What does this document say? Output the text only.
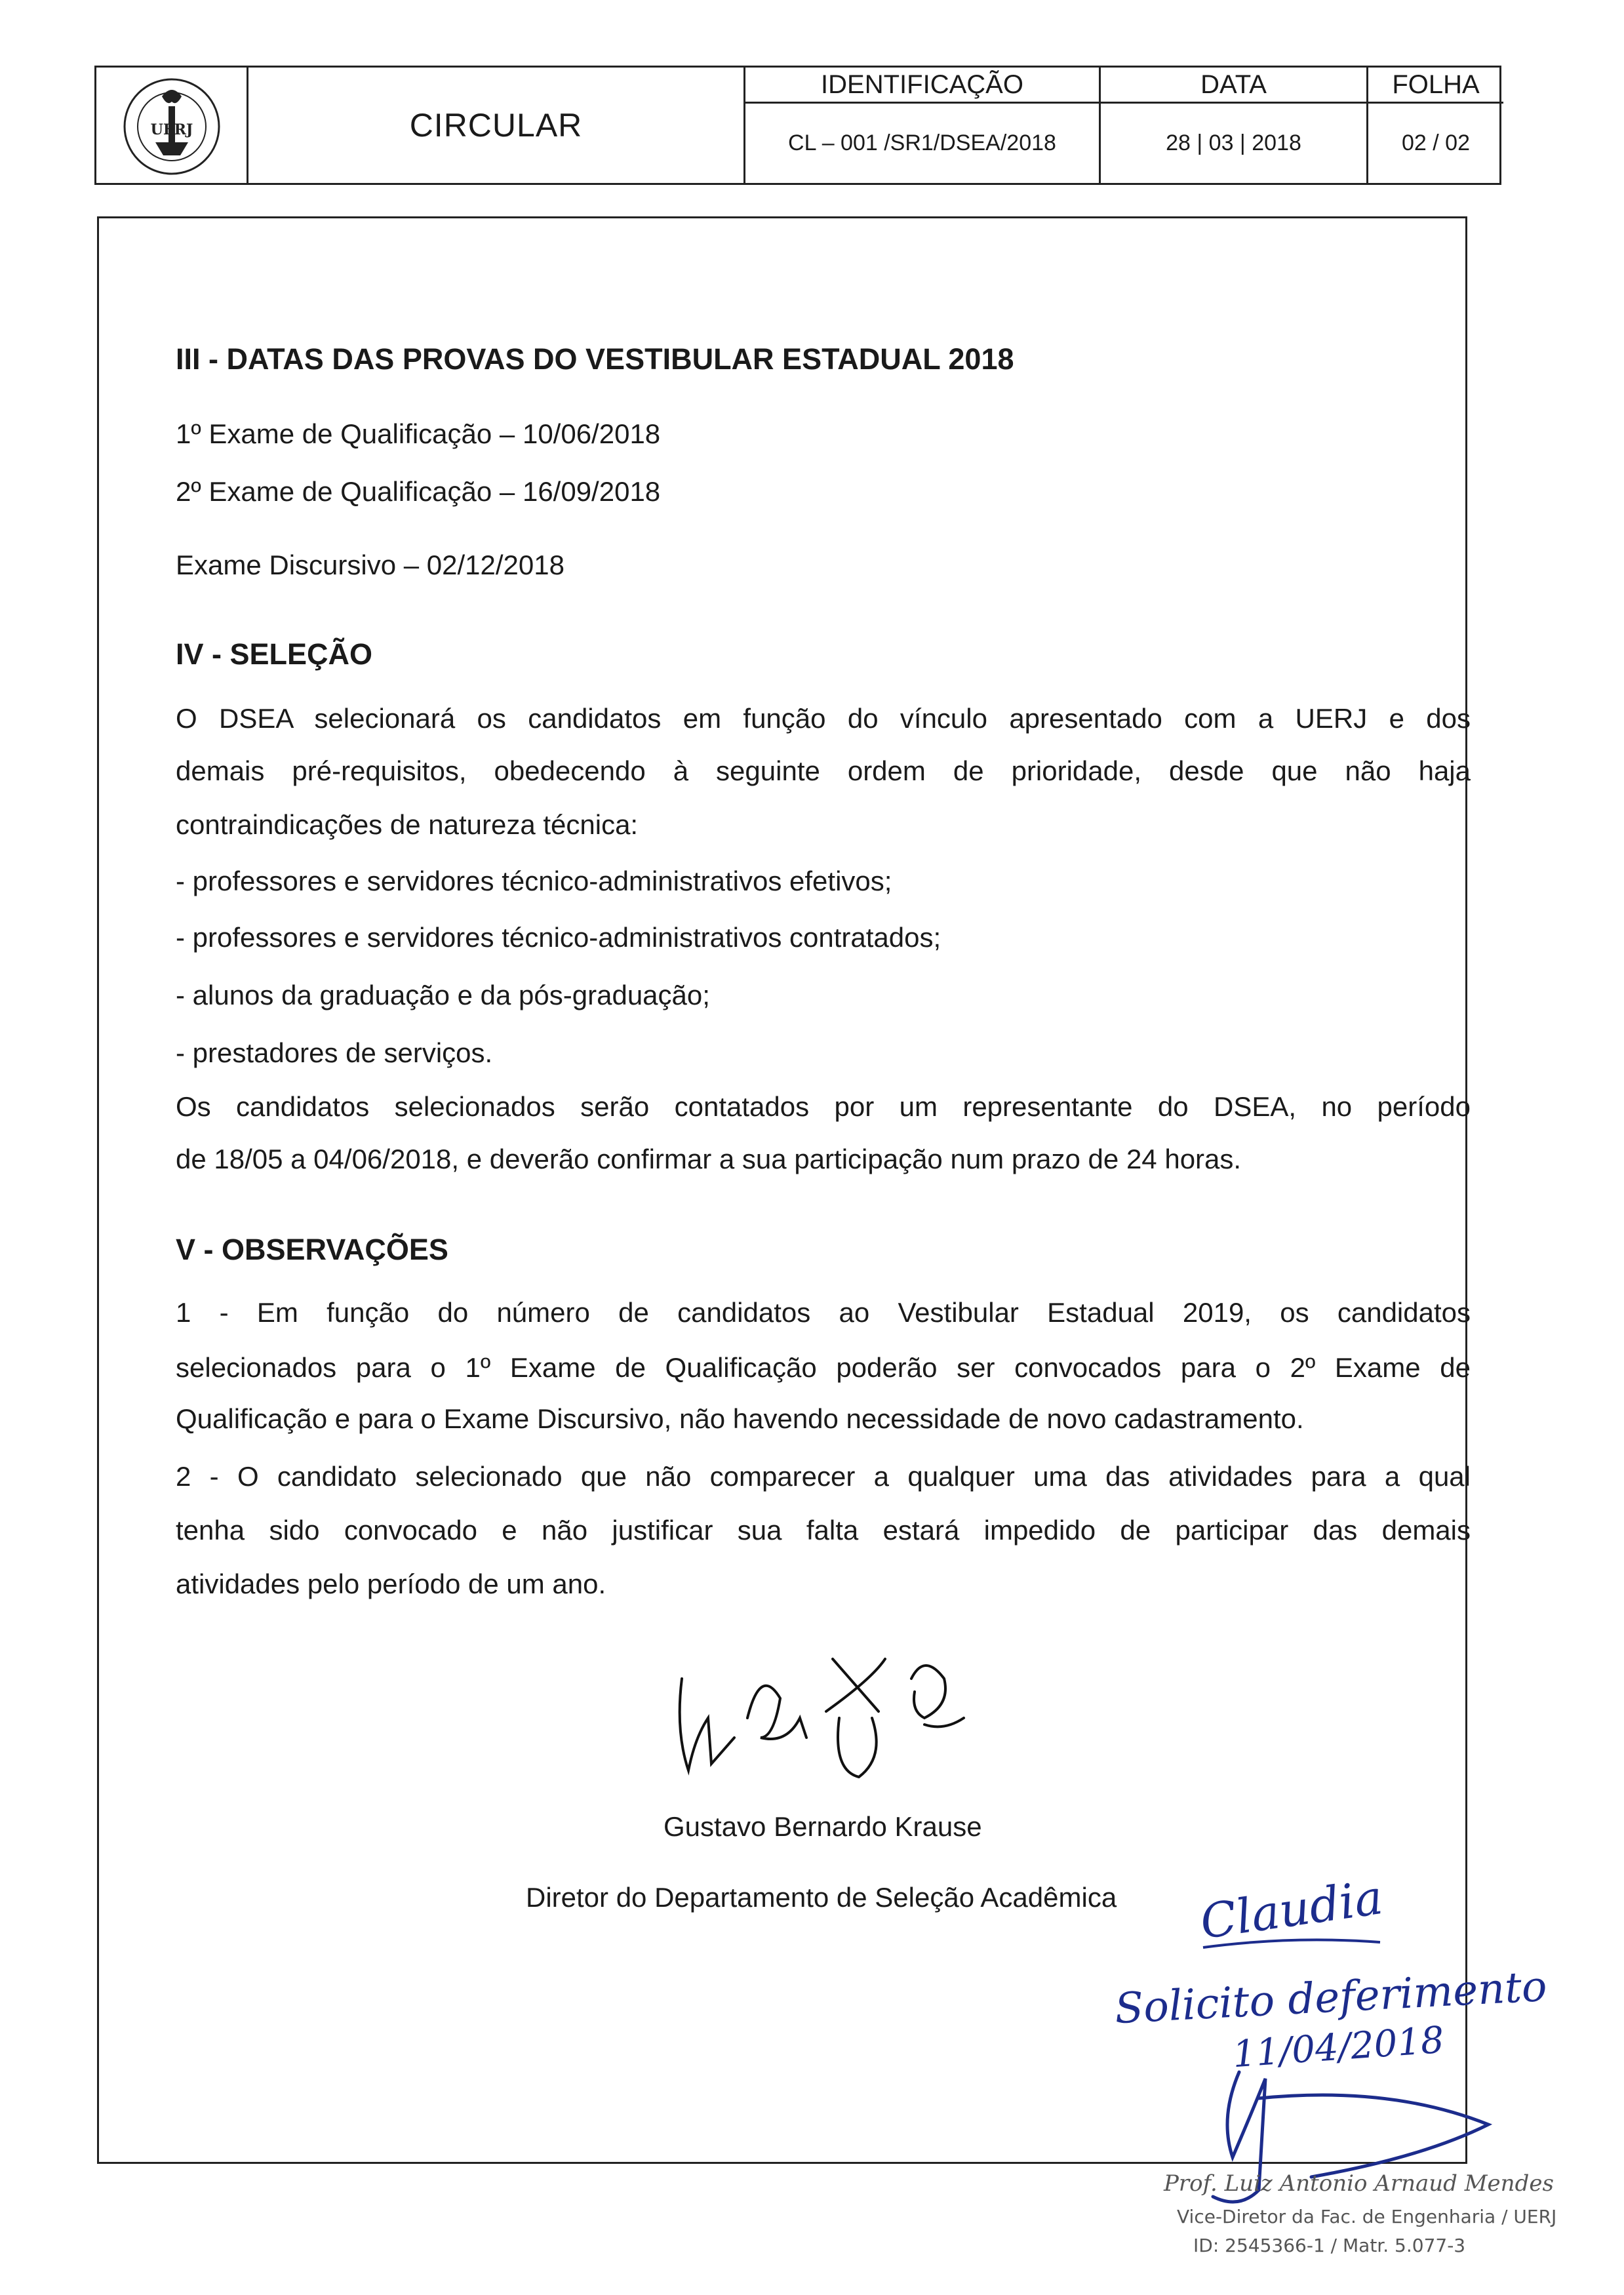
UERJ	CIRCULAR
IDENTIFICAÇÃO
CL – 001 /SR1/DSEA/2018
DATA
28 | 03 | 2018
FOLHA
02 / 02
III - DATAS DAS PROVAS DO VESTIBULAR ESTADUAL 2018
1º Exame de Qualificação – 10/06/2018
2º Exame de Qualificação – 16/09/2018
Exame Discursivo – 02/12/2018
IV - SELEÇÃO
O DSEA selecionará os candidatos em função do vínculo apresentado com a UERJ e dos
demais pré-requisitos, obedecendo à seguinte ordem de prioridade, desde que não haja
contraindicações de natureza técnica:
- professores e servidores técnico-administrativos efetivos;
- professores e servidores técnico-administrativos contratados;
- alunos da graduação e da pós-graduação;
- prestadores de serviços.
Os candidatos selecionados serão contatados por um representante do DSEA, no período
de 18/05 a 04/06/2018, e deverão confirmar a sua participação num prazo de 24 horas.
V - OBSERVAÇÕES
1 - Em função do número de candidatos ao Vestibular Estadual 2019, os candidatos
selecionados para o 1º Exame de Qualificação poderão ser convocados para o 2º Exame de
Qualificação e para o Exame Discursivo, não havendo necessidade de novo cadastramento.
2 - O candidato selecionado que não comparecer a qualquer uma das atividades para a qual
tenha sido convocado e não justificar sua falta estará impedido de participar das demais
atividades pelo período de um ano.
Gustavo Bernardo Krause
Diretor do Departamento de Seleção Acadêmica Claudia
Solicito deferimento
11/04/2018
Prof. Luiz Antonio Arnaud Mendes
Vice-Diretor da Fac. de Engenharia / UERJ
ID: 2545366-1 / Matr. 5.077-3
